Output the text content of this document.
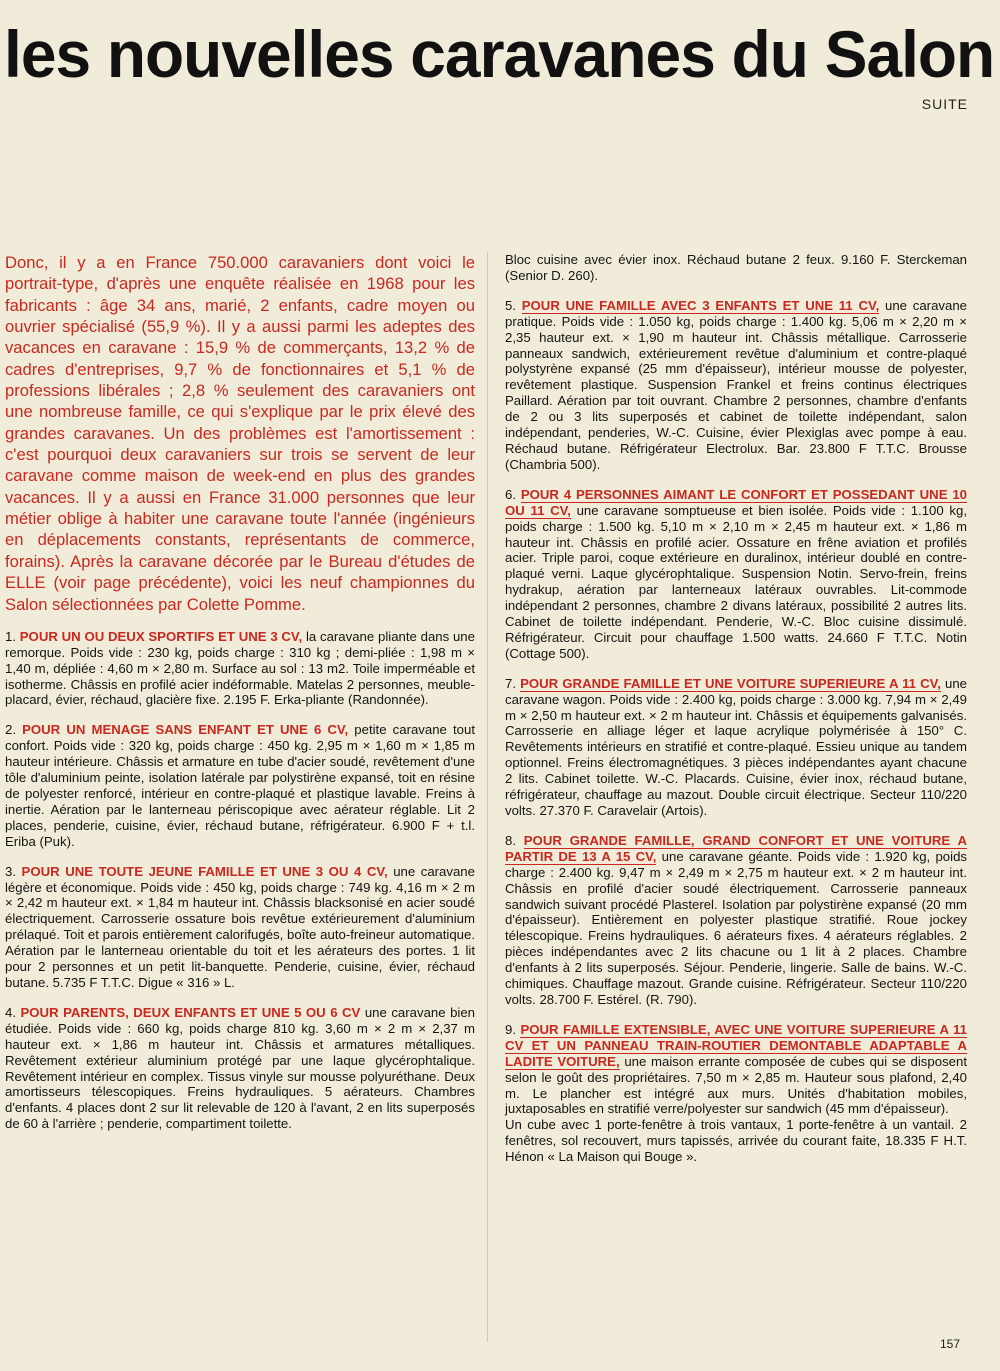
les nouvelles caravanes du Salon
SUITE

Donc, il y a en France 750.000 caravaniers dont voici le portrait-type, d'après une enquête réalisée en 1968 pour les fabricants : âge 34 ans, marié, 2 enfants, cadre moyen ou ouvrier spécialisé (55,9 %). Il y a aussi parmi les adeptes des vacances en caravane : 15,9 % de commerçants, 13,2 % de cadres d'entreprises, 9,7 % de fonctionnaires et 5,1 % de professions libérales ; 2,8 % seulement des caravaniers ont une nombreuse famille, ce qui s'explique par le prix élevé des grandes caravanes. Un des problèmes est l'amortissement : c'est pourquoi deux caravaniers sur trois se servent de leur caravane comme maison de week-end en plus des grandes vacances. Il y a aussi en France 31.000 personnes que leur métier oblige à habiter une caravane toute l'année (ingénieurs en déplacements constants, représentants de commerce, forains). Après la caravane décorée par le Bureau d'études de ELLE (voir page précédente), voici les neuf championnes du Salon sélectionnées par Colette Pomme.

1. POUR UN OU DEUX SPORTIFS ET UNE 3 CV, la caravane pliante dans une remorque. Poids vide : 230 kg, poids charge : 310 kg ; demi-pliée : 1,98 m × 1,40 m, dépliée : 4,60 m × 2,80 m. Surface au sol : 13 m2. Toile imperméable et isotherme. Châssis en profilé acier indéformable. Matelas 2 personnes, meuble-placard, évier, réchaud, glacière fixe. 2.195 F. Erka-pliante (Randonnée).

2. POUR UN MENAGE SANS ENFANT ET UNE 6 CV, petite caravane tout confort. Poids vide : 320 kg, poids charge : 450 kg. 2,95 m × 1,60 m × 1,85 m hauteur intérieure. Châssis et armature en tube d'acier soudé, revêtement d'une tôle d'aluminium peinte, isolation latérale par polystirène expansé, toit en résine de polyester renforcé, intérieur en contre-plaqué et plastique lavable. Freins à inertie. Aération par le lanterneau périscopique avec aérateur réglable. Lit 2 places, penderie, cuisine, évier, réchaud butane, réfrigérateur. 6.900 F + t.l. Eriba (Puk).

3. POUR UNE TOUTE JEUNE FAMILLE ET UNE 3 OU 4 CV, une caravane légère et économique. Poids vide : 450 kg, poids charge : 749 kg. 4,16 m × 2 m × 2,42 m hauteur ext. × 1,84 m hauteur int. Châssis blacksonisé en acier soudé électriquement. Carrosserie ossature bois revêtue extérieurement d'aluminium prélaqué. Toit et parois entièrement calorifugés, boîte auto-freineur automatique. Aération par le lanterneau orientable du toit et les aérateurs des portes. 1 lit pour 2 personnes et un petit lit-banquette. Penderie, cuisine, évier, réchaud butane. 5.735 F T.T.C. Digue « 316 » L.

4. POUR PARENTS, DEUX ENFANTS ET UNE 5 OU 6 CV une caravane bien étudiée. Poids vide : 660 kg, poids charge 810 kg. 3,60 m × 2 m × 2,37 m hauteur ext. × 1,86 m hauteur int. Châssis et armatures métalliques. Revêtement extérieur aluminium protégé par une laque glycérophtalique. Revêtement intérieur en complex. Tissus vinyle sur mousse polyuréthane. Deux amortisseurs télescopiques. Freins hydrauliques. 5 aérateurs. Chambres d'enfants. 4 places dont 2 sur lit relevable de 120 à l'avant, 2 en lits superposés de 60 à l'arrière ; penderie, compartiment toilette.

Bloc cuisine avec évier inox. Réchaud butane 2 feux. 9.160 F. Sterckeman (Senior D. 260).

5. POUR UNE FAMILLE AVEC 3 ENFANTS ET UNE 11 CV, une caravane pratique. Poids vide : 1.050 kg, poids charge : 1.400 kg. 5,06 m × 2,20 m × 2,35 hauteur ext. × 1,90 m hauteur int. Châssis métallique. Carrosserie panneaux sandwich, extérieurement revêtue d'aluminium et contre-plaqué polystyrène expansé (25 mm d'épaisseur), intérieur mousse de polyester, revêtement plastique. Suspension Frankel et freins continus électriques Paillard. Aération par toit ouvrant. Chambre 2 personnes, chambre d'enfants de 2 ou 3 lits superposés et cabinet de toilette indépendant, salon indépendant, penderies, W.-C. Cuisine, évier Plexiglas avec pompe à eau. Réchaud butane. Réfrigérateur Electrolux. Bar. 23.800 F T.T.C. Brousse (Chambria 500).

6. POUR 4 PERSONNES AIMANT LE CONFORT ET POSSEDANT UNE 10 OU 11 CV, une caravane somptueuse et bien isolée. Poids vide : 1.100 kg, poids charge : 1.500 kg. 5,10 m × 2,10 m × 2,45 m hauteur ext. × 1,86 m hauteur int. Châssis en profilé acier. Ossature en frêne aviation et profilés acier. Triple paroi, coque extérieure en duralinox, intérieur doublé en contre-plaqué verni. Laque glycérophtalique. Suspension Notin. Servo-frein, freins hydrakup, aération par lanterneaux latéraux ouvrables. Lit-commode indépendant 2 personnes, chambre 2 divans latéraux, possibilité 2 autres lits. Cabinet de toilette indépendant. Penderie, W.-C. Bloc cuisine dissimulé. Réfrigérateur. Circuit pour chauffage 1.500 watts. 24.660 F T.T.C. Notin (Cottage 500).

7. POUR GRANDE FAMILLE ET UNE VOITURE SUPERIEURE A 11 CV, une caravane wagon. Poids vide : 2.400 kg, poids charge : 3.000 kg. 7,94 m × 2,49 m × 2,50 m hauteur ext. × 2 m hauteur int. Châssis et équipements galvanisés. Carrosserie en alliage léger et laque acrylique polymérisée à 150° C. Revêtements intérieurs en stratifié et contre-plaqué. Essieu unique au tandem optionnel. Freins électromagnétiques. 3 pièces indépendantes ayant chacune 2 lits. Cabinet toilette. W.-C. Placards. Cuisine, évier inox, réchaud butane, réfrigérateur, chauffage au mazout. Double circuit électrique. Secteur 110/220 volts. 27.370 F. Caravelair (Artois).

8. POUR GRANDE FAMILLE, GRAND CONFORT ET UNE VOITURE A PARTIR DE 13 A 15 CV, une caravane géante. Poids vide : 1.920 kg, poids charge : 2.400 kg. 9,47 m × 2,49 m × 2,75 m hauteur ext. × 2 m hauteur int. Châssis en profilé d'acier soudé électriquement. Carrosserie panneaux sandwich suivant procédé Plasterel. Isolation par polystirène expansé (20 mm d'épaisseur). Entièrement en polyester plastique stratifié. Roue jockey télescopique. Freins hydrauliques. 6 aérateurs fixes. 4 aérateurs réglables. 2 pièces indépendantes avec 2 lits chacune ou 1 lit à 2 places. Chambre d'enfants à 2 lits superposés. Séjour. Penderie, lingerie. Salle de bains. W.-C. chimiques. Chauffage mazout. Grande cuisine. Réfrigérateur. Secteur 110/220 volts. 28.700 F. Estérel. (R. 790).

9. POUR FAMILLE EXTENSIBLE, AVEC UNE VOITURE SUPERIEURE A 11 CV ET UN PANNEAU TRAIN-ROUTIER DEMONTABLE ADAPTABLE A LADITE VOITURE, une maison errante composée de cubes qui se disposent selon le goût des propriétaires. 7,50 m × 2,85 m. Hauteur sous plafond, 2,40 m. Le plancher est intégré aux murs. Unités d'habitation mobiles, juxtaposables en stratifié verre/polyester sur sandwich (45 mm d'épaisseur).

Un cube avec 1 porte-fenêtre à trois vantaux, 1 porte-fenêtre à un vantail. 2 fenêtres, sol recouvert, murs tapissés, arrivée du courant faite, 18.335 F H.T. Hénon « La Maison qui Bouge ».

157
